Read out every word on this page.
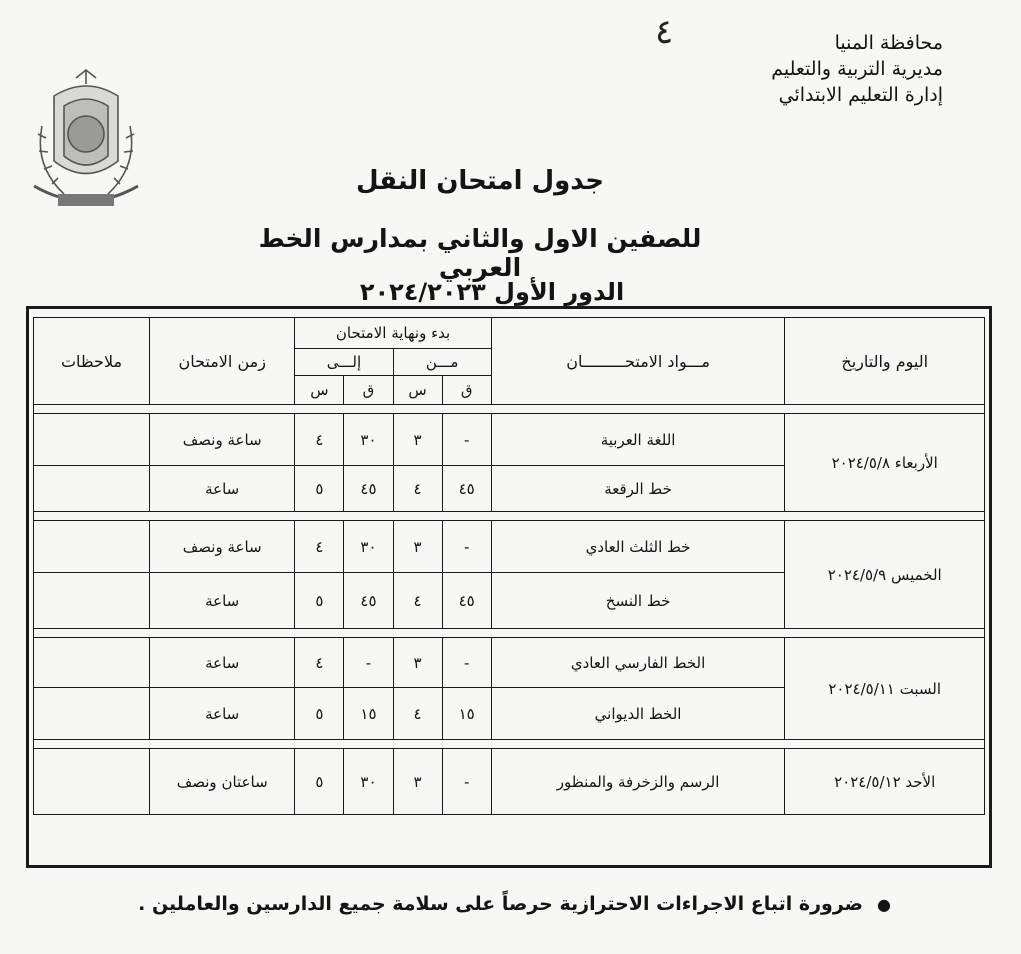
٤	محافظة المنيا
مديرية التربية والتعليم
إدارة التعليم الابتدائي
جدول امتحان النقل
للصفين الاول والثاني بمدارس الخط العربي
الدور الأول ٢٠٢٤/٢٠٢٣
اليوم والتاريخ	مـــواد الامتحـــــــــان	بدء ونهاية الامتحان				زمن الامتحان	ملاحظات
		مـــن		إلـــى			
		ق	س	ق	س		

الأربعاء ٢٠٢٤/٥/٨	اللغة العربية	-	٣	٣٠	٤	ساعة ونصف	
	خط الرقعة	٤٥	٤	٤٥	٥	ساعة	

الخميس ٢٠٢٤/٥/٩	خط الثلث العادي	-	٣	٣٠	٤	ساعة ونصف	
	خط النسخ	٤٥	٤	٤٥	٥	ساعة	

السبت ٢٠٢٤/٥/١١	الخط الفارسي العادي	-	٣	-	٤	ساعة	
	الخط الديواني	١٥	٤	١٥	٥	ساعة	

الأحد ٢٠٢٤/٥/١٢	الرسم والزخرفة والمنظور	-	٣	٣٠	٥	ساعتان ونصف	
●ضرورة اتباع الاجراءات الاحترازية حرصاً على سلامة جميع الدارسين والعاملين .
